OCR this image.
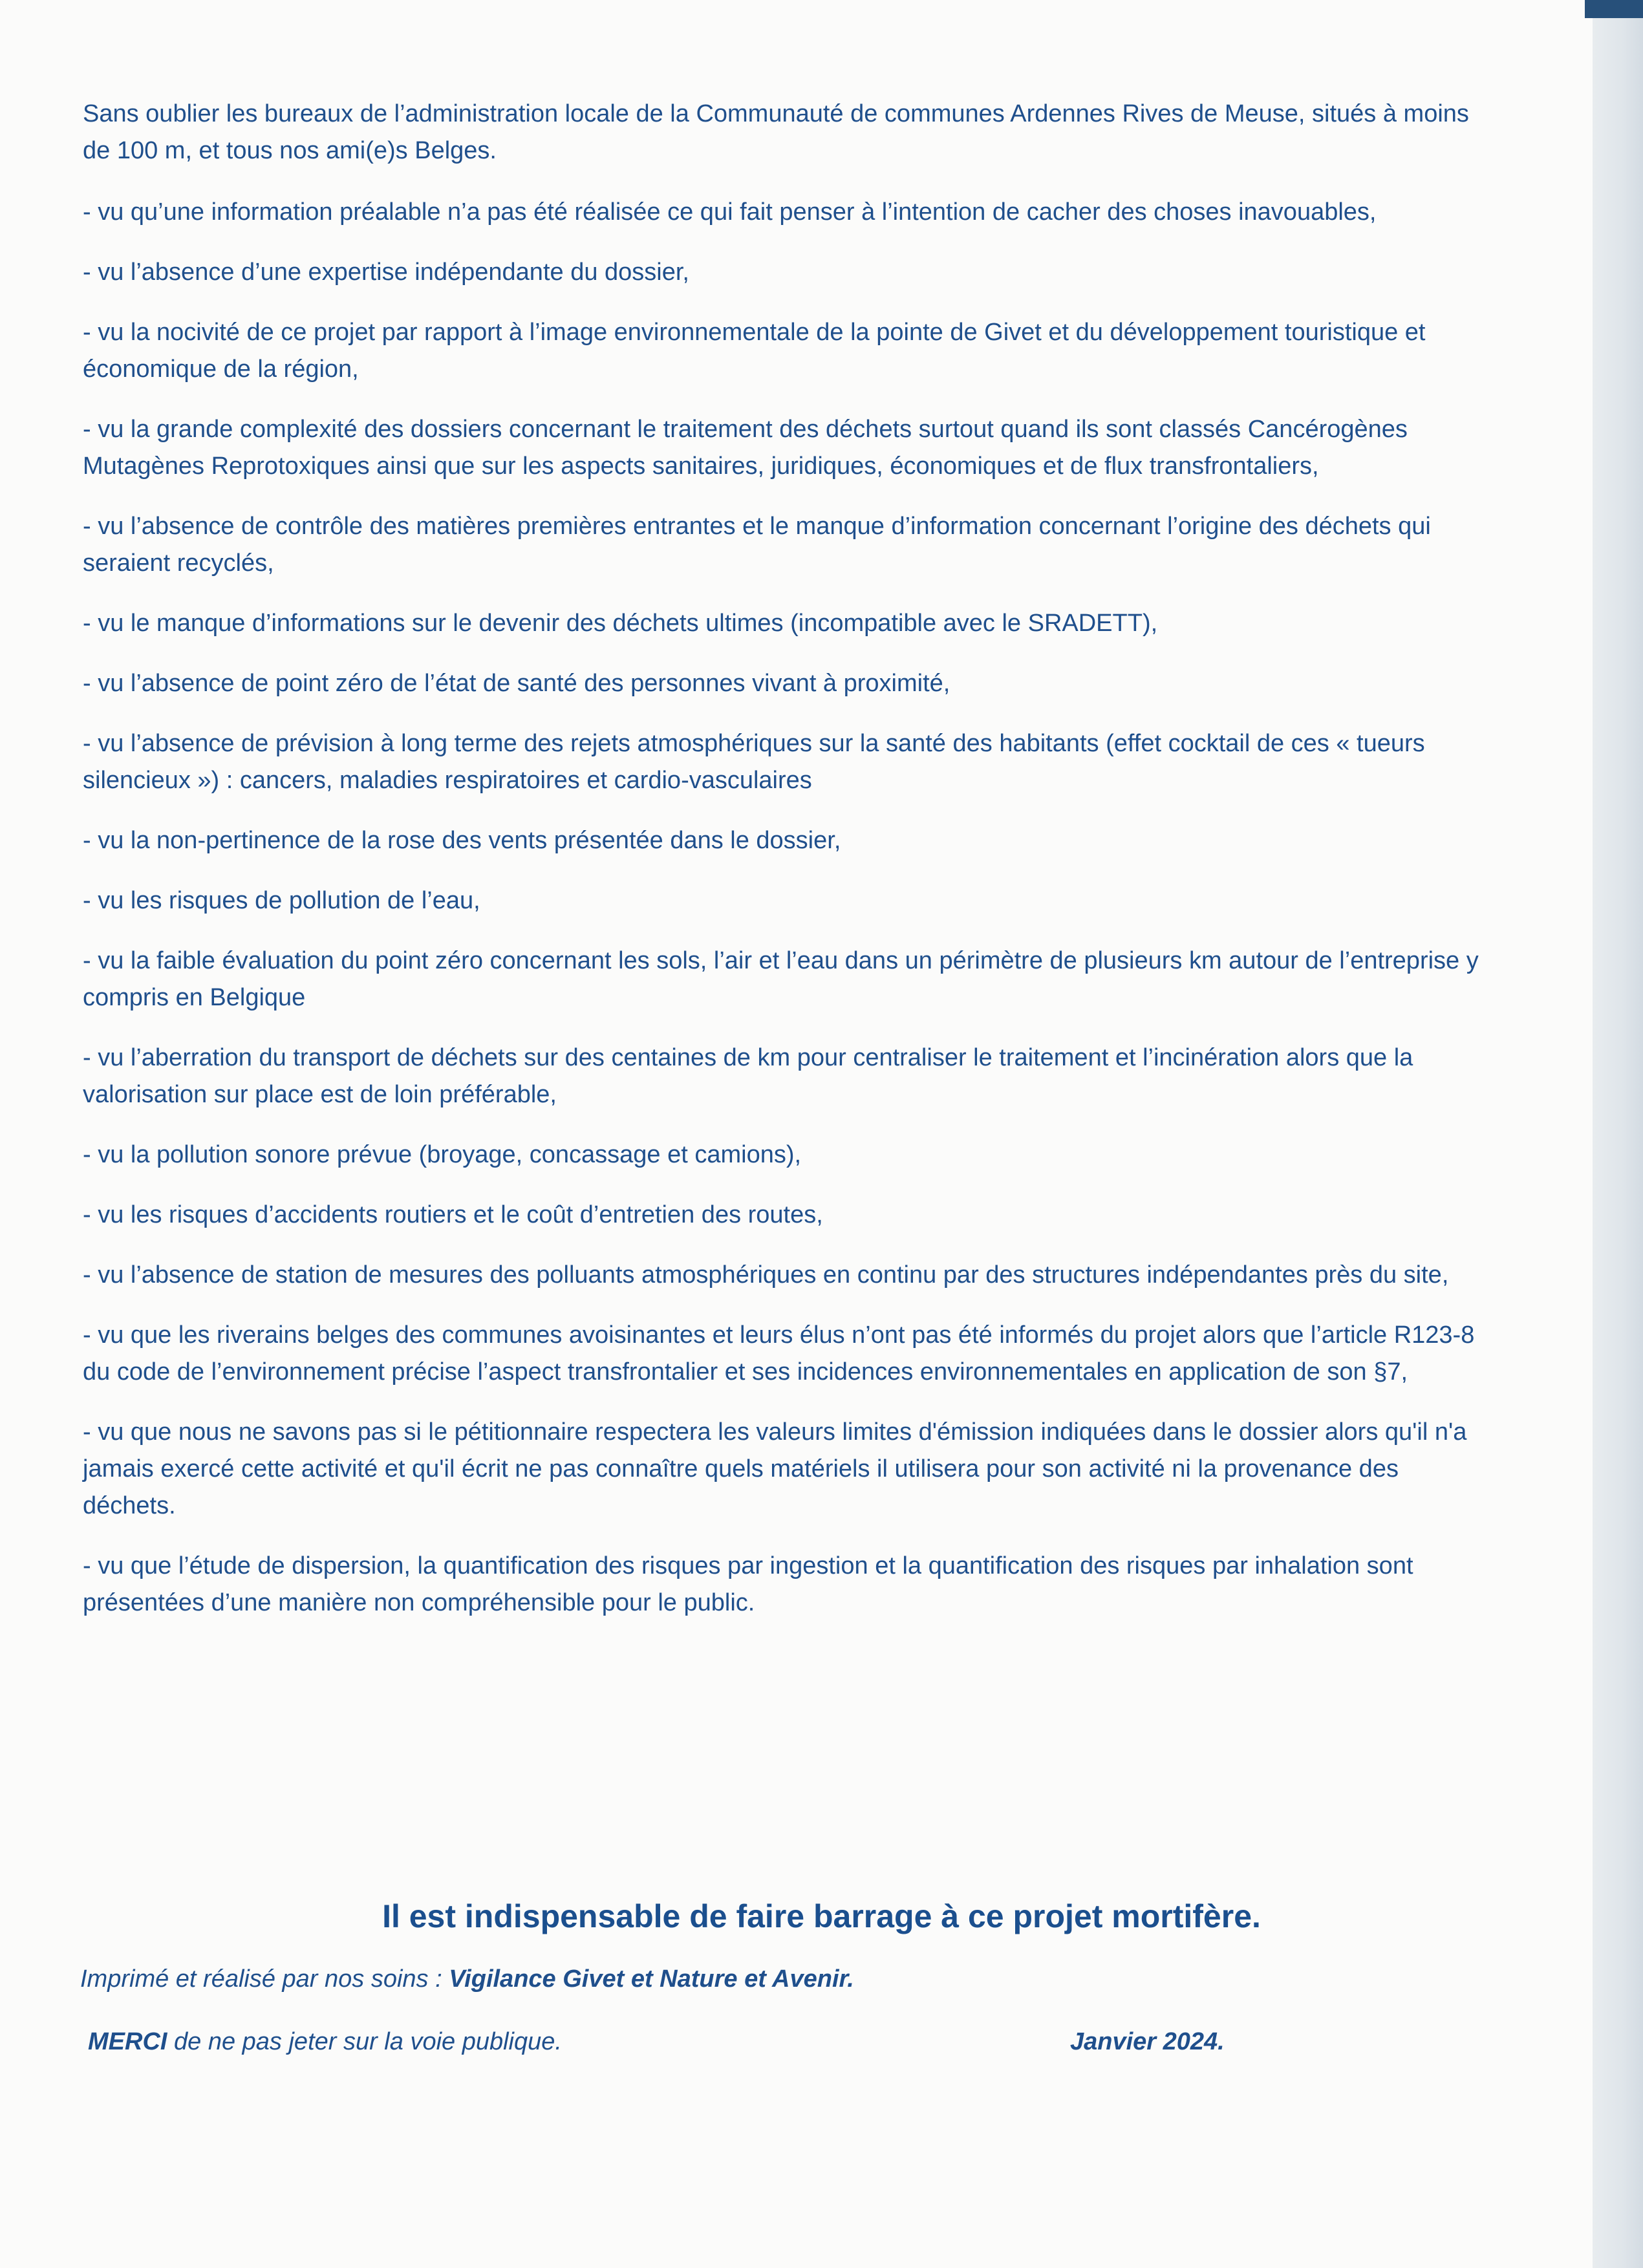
Sans oublier les bureaux de l’administration locale de la Communauté de communes Ardennes Rives de Meuse, situés à moins de 100 m, et tous nos ami(e)s Belges.

- vu qu’une information préalable n’a pas été réalisée ce qui fait penser à l’intention de cacher des choses inavouables,

- vu l’absence d’une expertise indépendante du dossier,

- vu la nocivité de ce projet par rapport à l’image environnementale de la pointe de Givet et du développement touristique et économique de la région,

- vu la grande complexité des dossiers concernant le traitement des déchets surtout quand ils sont classés Cancérogènes Mutagènes Reprotoxiques ainsi que sur les aspects sanitaires, juridiques, économiques et de flux transfrontaliers,

- vu l’absence de contrôle des matières premières entrantes et le manque d’information concernant l’origine des déchets qui seraient recyclés,

- vu le manque d’informations sur le devenir des déchets ultimes (incompatible avec le SRADETT),

- vu l’absence de point zéro de l’état de santé des personnes vivant à proximité,

- vu l’absence de prévision à long terme des rejets atmosphériques sur la santé des habitants (effet cocktail de ces « tueurs silencieux ») : cancers, maladies respiratoires et cardio-vasculaires

- vu la non-pertinence de la rose des vents présentée dans le dossier,

- vu les risques de pollution de l’eau,

- vu la faible évaluation du point zéro concernant les sols, l’air et l’eau dans un périmètre de plusieurs km autour de l’entreprise y compris en Belgique

- vu l’aberration du transport de déchets sur des centaines de km pour centraliser le traitement et l’incinération alors que la valorisation sur place est de loin préférable,

- vu la pollution sonore prévue (broyage, concassage et camions),

- vu les risques d’accidents routiers et le coût d’entretien des routes,

- vu l’absence de station de mesures des polluants atmosphériques en continu par des structures indépendantes près du site,

- vu que les riverains belges des communes avoisinantes et leurs élus n’ont pas été informés du projet alors que l’article R123-8 du code de l’environnement précise l’aspect transfrontalier et ses incidences environnementales en application de son §7,

- vu que nous ne savons pas si le pétitionnaire respectera les valeurs limites d'émission indiquées dans le dossier alors qu'il n'a jamais exercé cette activité et qu'il écrit ne pas connaître quels matériels il utilisera pour son activité ni la provenance des déchets.

- vu que l’étude de dispersion, la quantification des risques par ingestion et la quantification des risques par inhalation sont présentées d’une manière non compréhensible pour le public.

Il est indispensable de faire barrage à ce projet mortifère.
Imprimé et réalisé par nos soins : Vigilance Givet et Nature et Avenir.
MERCI de ne pas jeter sur la voie publique.	Janvier 2024.
